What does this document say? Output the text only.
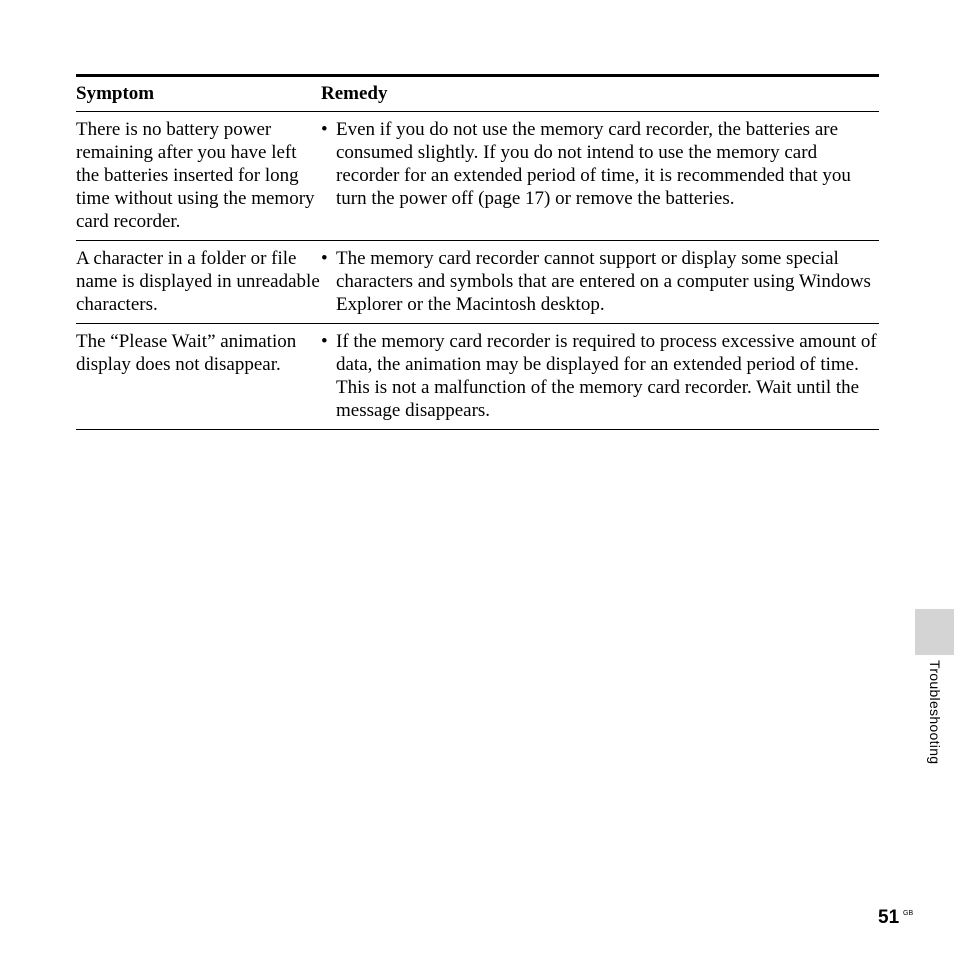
Symptom	Remedy
There is no battery power remaining after you have left the batteries inserted for long time without using the memory card recorder.
• Even if you do not use the memory card recorder, the batteries are consumed slightly. If you do not intend to use the memory card recorder for an extended period of time, it is recommended that you turn the power off (page 17) or remove the batteries.
A character in a folder or file name is displayed in unreadable characters.
• The memory card recorder cannot support or display some special characters and symbols that are entered on a computer using Windows Explorer or the Macintosh desktop.
The “Please Wait” animation display does not disappear.
• If the memory card recorder is required to process excessive amount of data, the animation may be displayed for an extended period of time. This is not a malfunction of the memory card recorder. Wait until the message disappears.
Troubleshooting
51 GB
